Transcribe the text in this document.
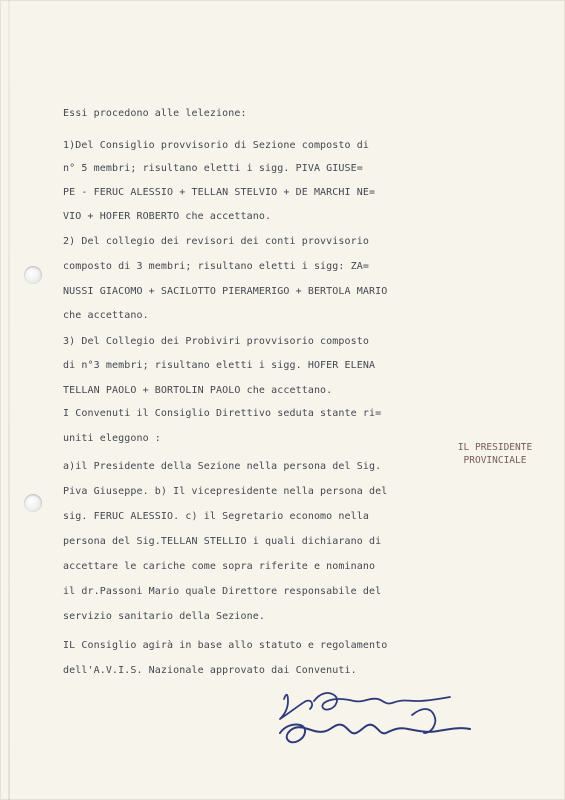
Essi procedono alle lelezione:
1)Del Consiglio provvisorio di Sezione composto di
n° 5 membri; risultano eletti i sigg. PIVA GIUSE=
PE - FERUC ALESSIO + TELLAN STELVIO + DE MARCHI NE=
VIO + HOFER ROBERTO che accettano.
2) Del collegio dei revisori dei conti provvisorio
composto di 3 membri; risultano eletti i sigg: ZA=
NUSSI GIACOMO + SACILOTTO PIERAMERIGO + BERTOLA MARIO
che accettano.
3) Del Collegio dei Probiviri provvisorio composto
di n°3 membri; risultano eletti i sigg. HOFER ELENA
TELLAN PAOLO + BORTOLIN PAOLO che accettano.
I Convenuti il Consiglio Direttivo seduta stante ri=
uniti eleggono :
a)il Presidente della Sezione nella persona del Sig.
Piva Giuseppe. b) Il vicepresidente nella persona del
sig. FERUC ALESSIO. c) il Segretario economo nella
persona del Sig.TELLAN STELLIO i quali dichiarano di
accettare le cariche come sopra riferite e nominano
il dr.Passoni Mario quale Direttore responsabile del
servizio sanitario della Sezione.
IL Consiglio agirà in base allo statuto e regolamento
dell'A.V.I.S. Nazionale approvato dai Convenuti.
IL PRESIDENTE
PROVINCIALE
